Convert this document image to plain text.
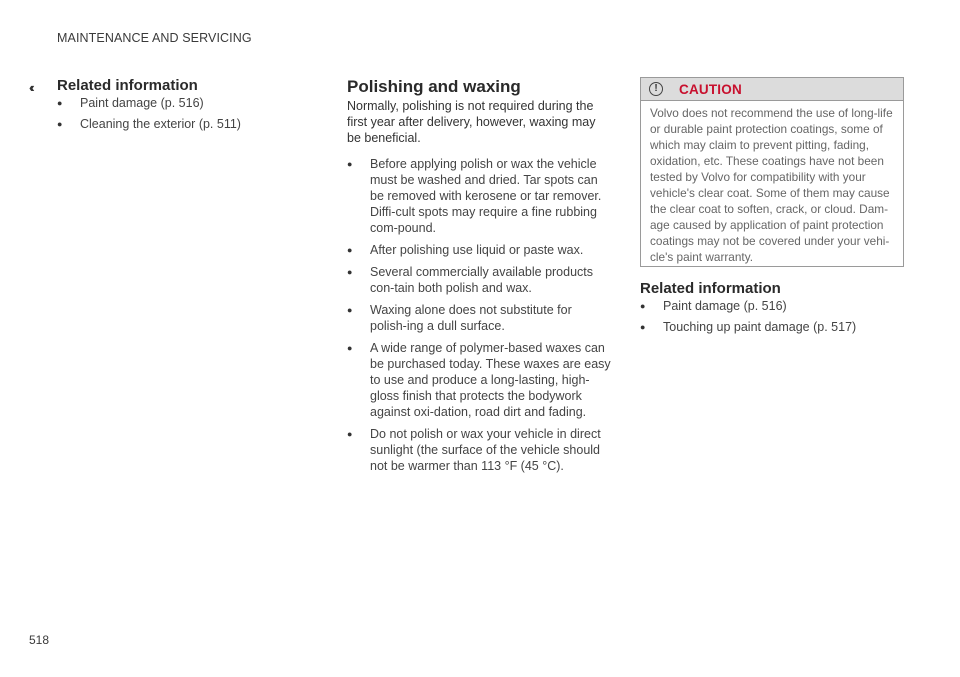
MAINTENANCE AND SERVICING
‹‹ Related information
● Paint damage (p. 516)
● Cleaning the exterior (p. 511)
Polishing and waxing

Normally, polishing is not required during the first year after delivery, however, waxing may be beneficial.

● Before applying polish or wax the vehicle must be washed and dried. Tar spots can be removed with kerosene or tar remover. Diffi-cult spots may require a fine rubbing com-pound.
● After polishing use liquid or paste wax.
● Several commercially available products con-tain both polish and wax.
● Waxing alone does not substitute for polish-ing a dull surface.
● A wide range of polymer-based waxes can be purchased today. These waxes are easy to use and produce a long-lasting, high-gloss finish that protects the bodywork against oxi-dation, road dirt and fading.
● Do not polish or wax your vehicle in direct sunlight (the surface of the vehicle should not be warmer than 113 °F (45 °C).
!	CAUTION
Volvo does not recommend the use of long-life or durable paint protection coatings, some of which may claim to prevent pitting, fading, oxidation, etc. These coatings have not been tested by Volvo for compatibility with your vehicle's clear coat. Some of them may cause the clear coat to soften, crack, or cloud. Dam-age caused by application of paint protection coatings may not be covered under your vehi-cle's paint warranty.
Related information
● Paint damage (p. 516)
● Touching up paint damage (p. 517)
518
